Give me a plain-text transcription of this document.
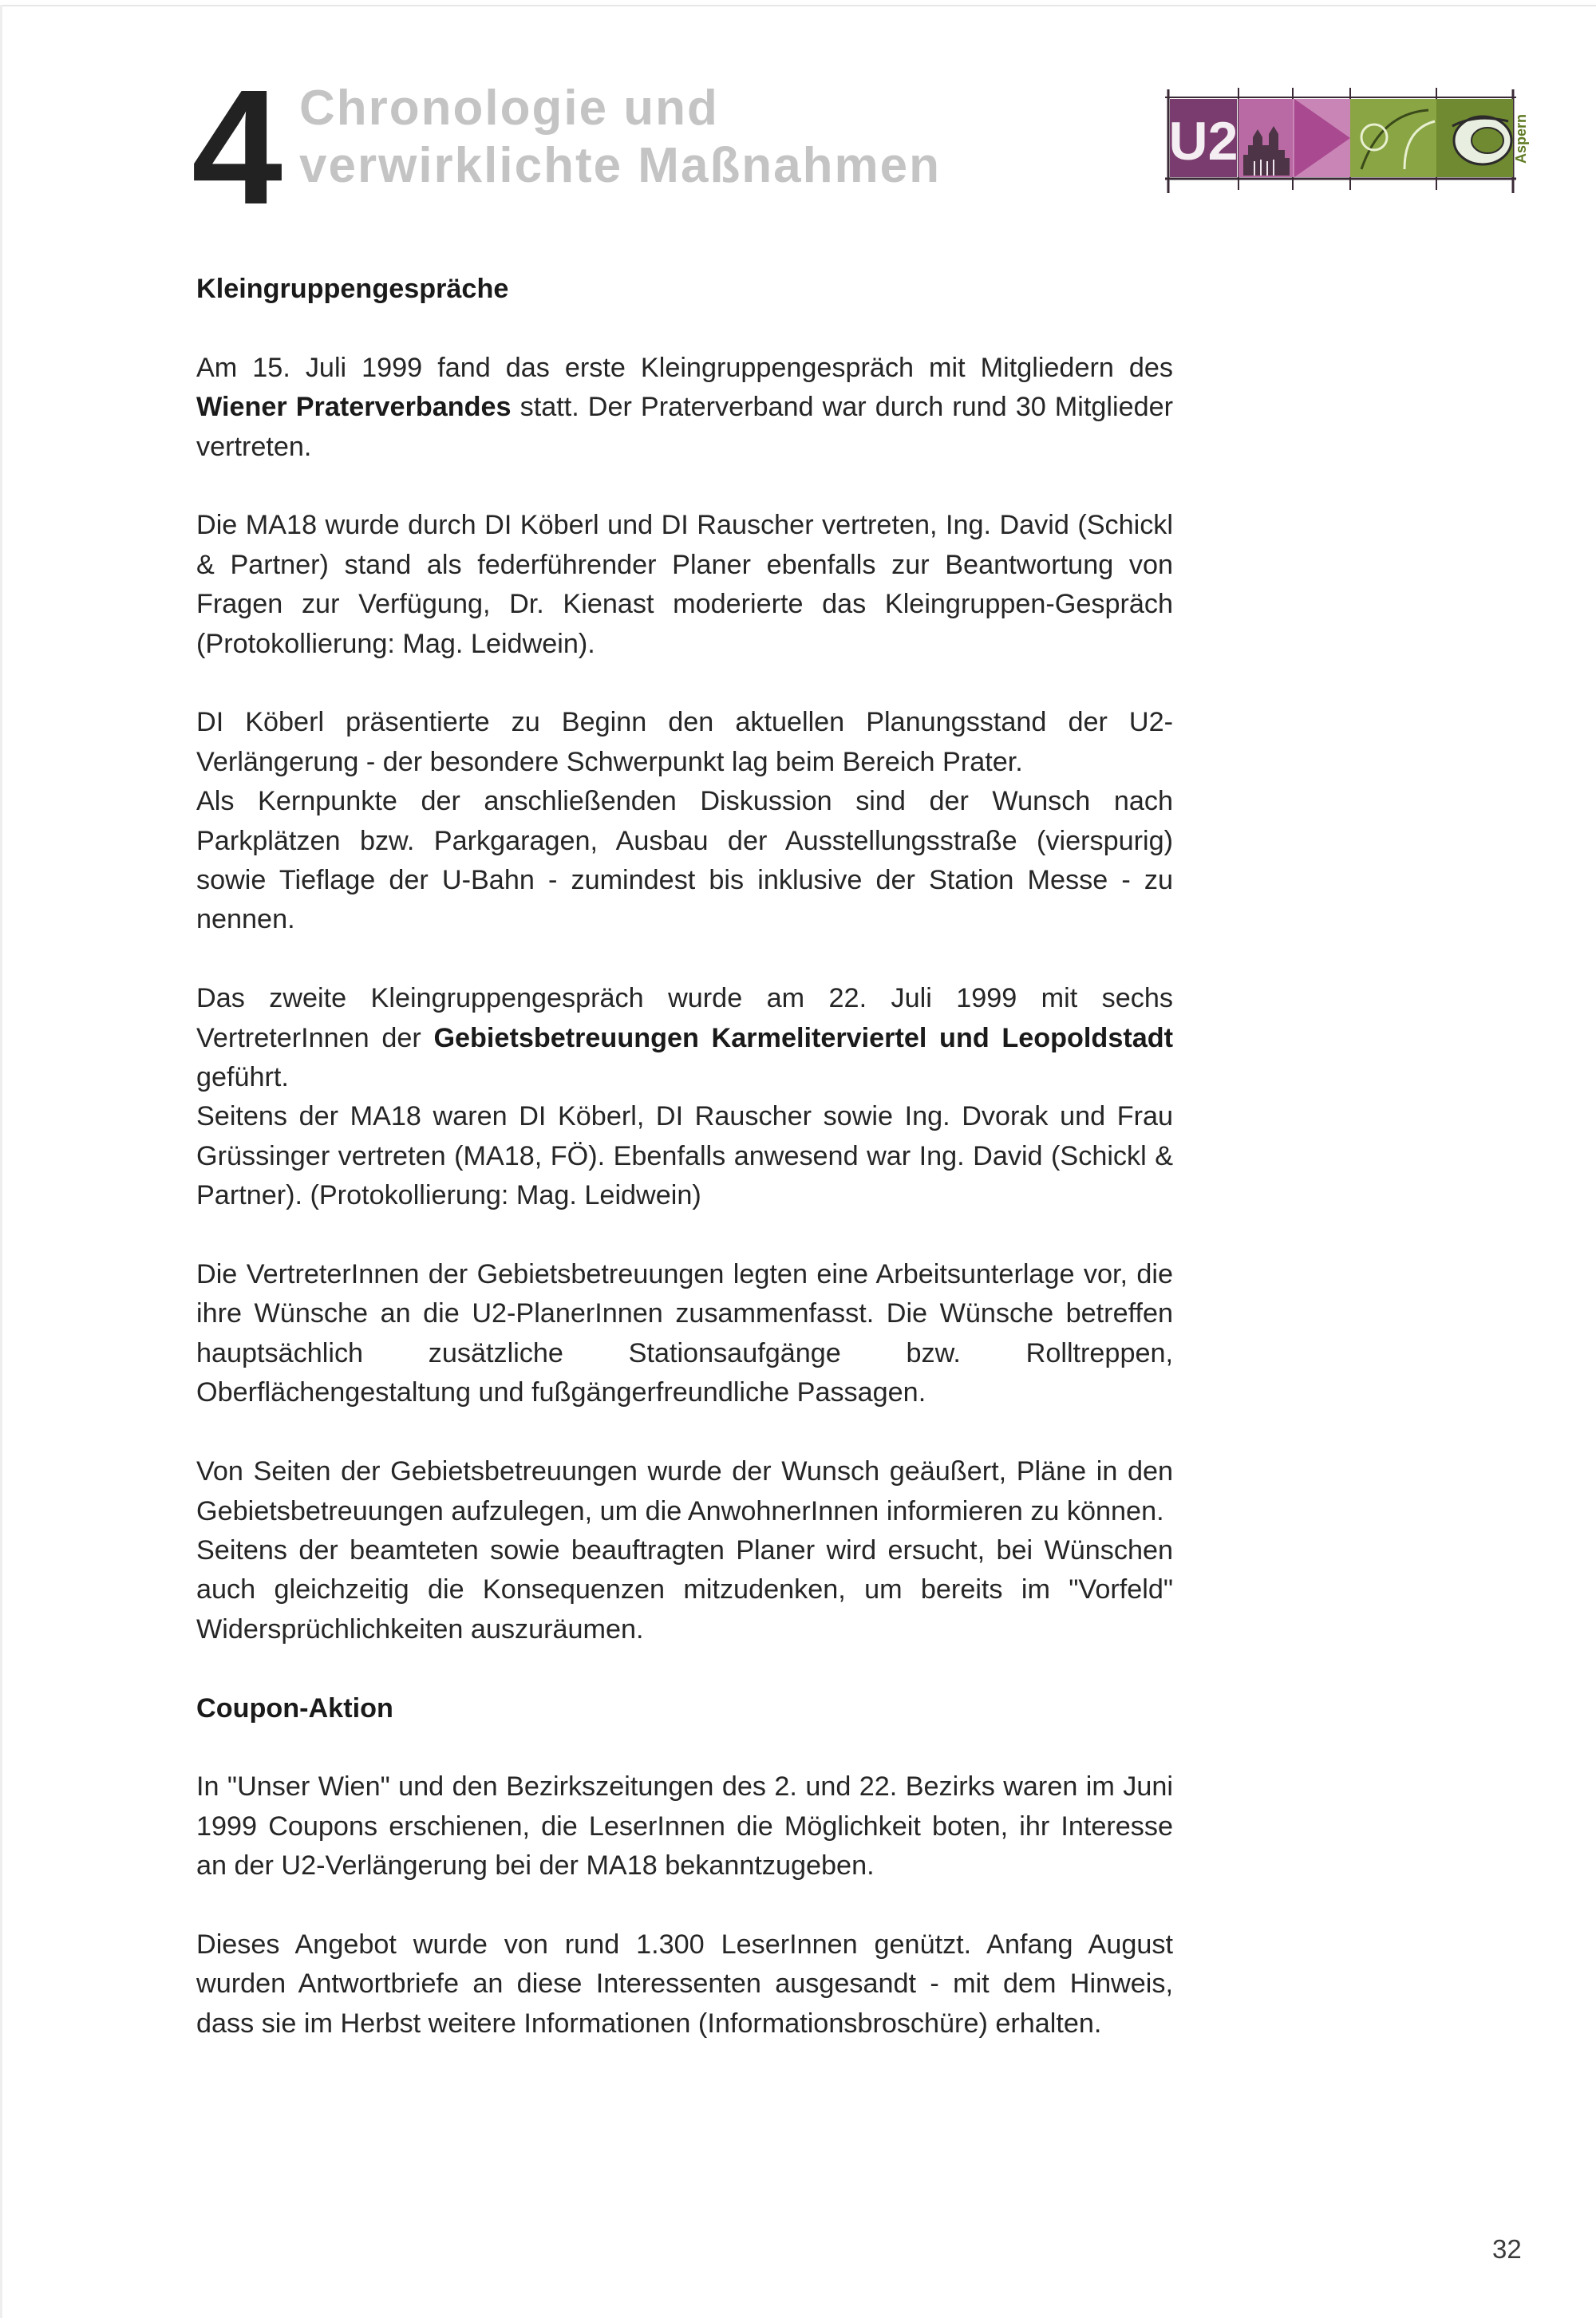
4 Chronologie und
verwirklichte Maßnahmen	U2	Aspern
Kleingruppengespräche

Am 15. Juli 1999 fand das erste Kleingruppengespräch mit Mitgliedern des Wiener Praterverbandes statt. Der Praterverband war durch rund 30 Mitglieder vertreten.

Die MA18 wurde durch DI Köberl und DI Rauscher vertreten, Ing. David (Schickl & Partner) stand als federführender Planer ebenfalls zur Beantwortung von Fragen zur Verfügung, Dr. Kienast moderierte das Kleingruppen-Gespräch (Protokollierung: Mag. Leidwein).

DI Köberl präsentierte zu Beginn den aktuellen Planungsstand der U2-Verlängerung - der besondere Schwerpunkt lag beim Bereich Prater.

Als Kernpunkte der anschließenden Diskussion sind der Wunsch nach Parkplätzen bzw. Parkgaragen, Ausbau der Ausstellungsstraße (vierspurig) sowie Tieflage der U-Bahn - zumindest bis inklusive der Station Messe - zu nennen.

Das zweite Kleingruppengespräch wurde am 22. Juli 1999 mit sechs VertreterInnen der Gebietsbetreuungen Karmeliterviertel und Leopoldstadt geführt.

Seitens der MA18 waren DI Köberl, DI Rauscher sowie Ing. Dvorak und Frau Grüssinger vertreten (MA18, FÖ). Ebenfalls anwesend war Ing. David (Schickl & Partner). (Protokollierung: Mag. Leidwein)

Die VertreterInnen der Gebietsbetreuungen legten eine Arbeitsunterlage vor, die ihre Wünsche an die U2-PlanerInnen zusammenfasst. Die Wünsche betreffen hauptsächlich zusätzliche Stationsaufgänge bzw. Rolltreppen, Oberflächengestaltung und fußgängerfreundliche Passagen.

Von Seiten der Gebietsbetreuungen wurde der Wunsch geäußert, Pläne in den Gebietsbetreuungen aufzulegen, um die AnwohnerInnen informieren zu können.

Seitens der beamteten sowie beauftragten Planer wird ersucht, bei Wünschen auch gleichzeitig die Konsequenzen mitzudenken, um bereits im "Vorfeld" Widersprüchlichkeiten auszuräumen.

Coupon-Aktion

In "Unser Wien" und den Bezirkszeitungen des 2. und 22. Bezirks waren im Juni 1999 Coupons erschienen, die LeserInnen die Möglichkeit boten, ihr Interesse an der U2-Verlängerung bei der MA18 bekanntzugeben.

Dieses Angebot wurde von rund 1.300 LeserInnen genützt. Anfang August wurden Antwortbriefe an diese Interessenten ausgesandt - mit dem Hinweis, dass sie im Herbst weitere Informationen (Informationsbroschüre) erhalten.

32
